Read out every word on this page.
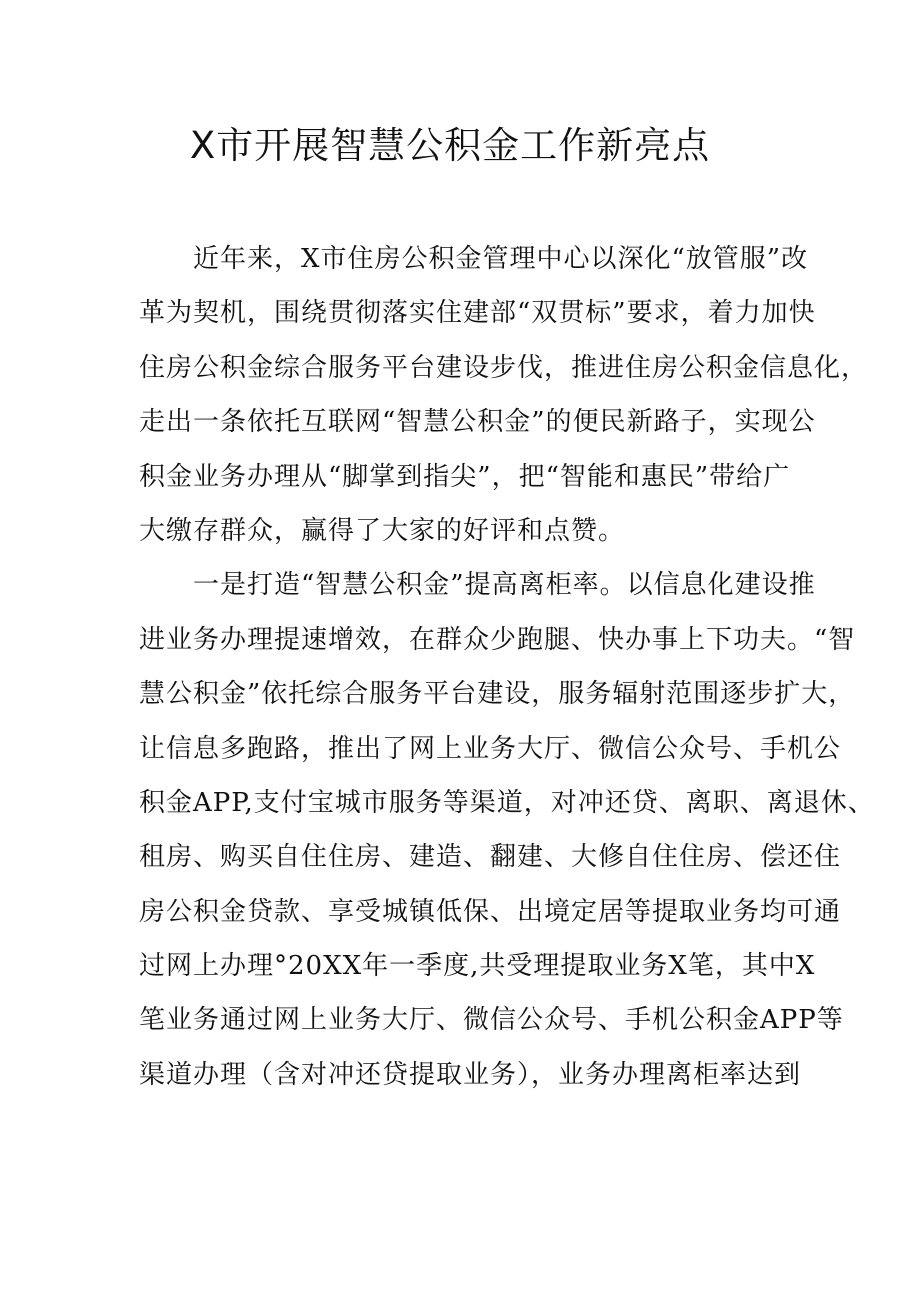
X市开展智慧公积金工作新亮点
近年来，X市住房公积金管理中心以深化“放管服”改
革为契机，围绕贯彻落实住建部“双贯标”要求，着力加快
住房公积金综合服务平台建设步伐，推进住房公积金信息化，
走出一条依托互联网“智慧公积金”的便民新路子，实现公
积金业务办理从“脚掌到指尖”，把“智能和惠民”带给广
大缴存群众，赢得了大家的好评和点赞。
一是打造“智慧公积金”提高离柜率。以信息化建设推
进业务办理提速增效，在群众少跑腿、快办事上下功夫。“智
慧公积金”依托综合服务平台建设，服务辐射范围逐步扩大，
让信息多跑路，推出了网上业务大厅、微信公众号、手机公
积金APP,支付宝城市服务等渠道，对冲还贷、离职、离退休、
租房、购买自住住房、建造、翻建、大修自住住房、偿还住
房公积金贷款、享受城镇低保、出境定居等提取业务均可通
过网上办理°20XX年一季度,共受理提取业务X笔，其中X
笔业务通过网上业务大厅、微信公众号、手机公积金APP等
渠道办理（含对冲还贷提取业务），业务办理离柜率达到
